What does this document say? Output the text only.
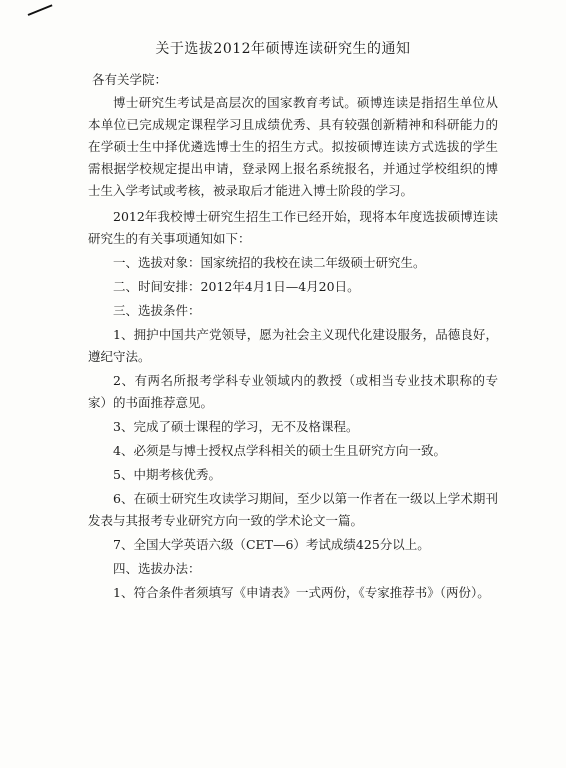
关于选拔2012年硕博连读研究生的通知
各有关学院：

博士研究生考试是高层次的国家教育考试。硕博连读是指招生单位从本单位已完成规定课程学习且成绩优秀、具有较强创新精神和科研能力的在学硕士生中择优遴选博士生的招生方式。拟按硕博连读方式选拔的学生需根据学校规定提出申请，登录网上报名系统报名，并通过学校组织的博士生入学考试或考核，被录取后才能进入博士阶段的学习。

2012年我校博士研究生招生工作已经开始，现将本年度选拔硕博连读研究生的有关事项通知如下：

一、选拔对象：国家统招的我校在读二年级硕士研究生。

二、时间安排：2012年4月1日—4月20日。

三、选拔条件：

1、拥护中国共产党领导，愿为社会主义现代化建设服务，品德良好，遵纪守法。

2、有两名所报考学科专业领域内的教授（或相当专业技术职称的专家）的书面推荐意见。

3、完成了硕士课程的学习，无不及格课程。

4、必须是与博士授权点学科相关的硕士生且研究方向一致。

5、中期考核优秀。

6、在硕士研究生攻读学习期间，至少以第一作者在一级以上学术期刊发表与其报考专业研究方向一致的学术论文一篇。

7、全国大学英语六级（CET—6）考试成绩425分以上。

四、选拔办法：

1、符合条件者须填写《申请表》一式两份，《专家推荐书》（两份）。
